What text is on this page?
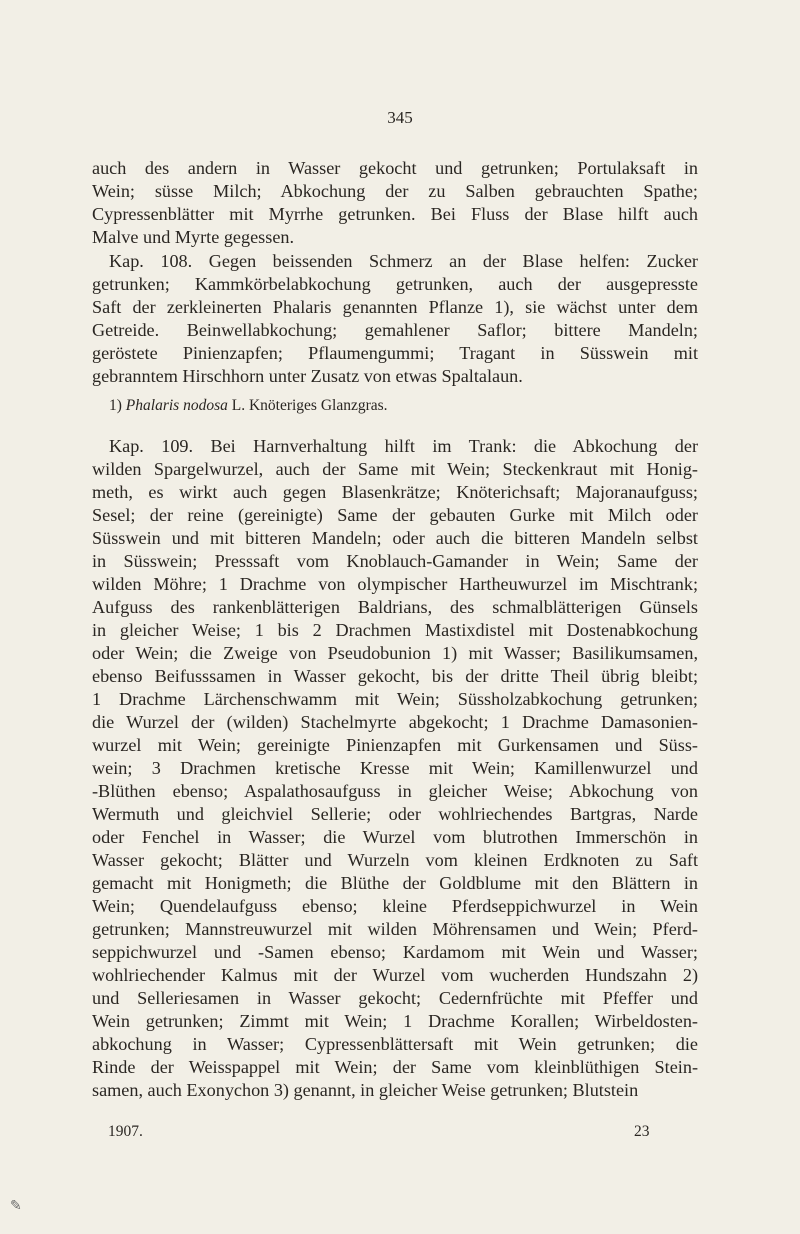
345
auch des andern in Wasser gekocht und getrunken; Portulaksaft in
Wein; süsse Milch; Abkochung der zu Salben gebrauchten Spathe;
Cypressenblätter mit Myrrhe getrunken. Bei Fluss der Blase hilft auch
Malve und Myrte gegessen.
Kap. 108. Gegen beissenden Schmerz an der Blase helfen: Zucker
getrunken; Kammkörbelabkochung getrunken, auch der ausgepresste
Saft der zerkleinerten Phalaris genannten Pflanze 1), sie wächst unter dem
Getreide. Beinwellabkochung; gemahlener Saflor; bittere Mandeln;
geröstete Pinienzapfen; Pflaumengummi; Tragant in Süsswein mit
gebranntem Hirschhorn unter Zusatz von etwas Spaltalaun.
1) Phalaris nodosa L. Knöteriges Glanzgras.
Kap. 109. Bei Harnverhaltung hilft im Trank: die Abkochung der
wilden Spargelwurzel, auch der Same mit Wein; Steckenkraut mit Honig-
meth, es wirkt auch gegen Blasenkrätze; Knöterichsaft; Majoranaufguss;
Sesel; der reine (gereinigte) Same der gebauten Gurke mit Milch oder
Süsswein und mit bitteren Mandeln; oder auch die bitteren Mandeln selbst
in Süsswein; Presssaft vom Knoblauch-Gamander in Wein; Same der
wilden Möhre; 1 Drachme von olympischer Hartheuwurzel im Mischtrank;
Aufguss des rankenblätterigen Baldrians, des schmalblätterigen Günsels
in gleicher Weise; 1 bis 2 Drachmen Mastixdistel mit Dostenabkochung
oder Wein; die Zweige von Pseudobunion 1) mit Wasser; Basilikumsamen,
ebenso Beifusssamen in Wasser gekocht, bis der dritte Theil übrig bleibt;
1 Drachme Lärchenschwamm mit Wein; Süssholzabkochung getrunken;
die Wurzel der (wilden) Stachelmyrte abgekocht; 1 Drachme Damasonien-
wurzel mit Wein; gereinigte Pinienzapfen mit Gurkensamen und Süss-
wein; 3 Drachmen kretische Kresse mit Wein; Kamillenwurzel und
-Blüthen ebenso; Aspalathosaufguss in gleicher Weise; Abkochung von
Wermuth und gleichviel Sellerie; oder wohlriechendes Bartgras, Narde
oder Fenchel in Wasser; die Wurzel vom blutrothen Immerschön in
Wasser gekocht; Blätter und Wurzeln vom kleinen Erdknoten zu Saft
gemacht mit Honigmeth; die Blüthe der Goldblume mit den Blättern in
Wein; Quendelaufguss ebenso; kleine Pferdseppichwurzel in Wein
getrunken; Mannstreuwurzel mit wilden Möhrensamen und Wein; Pferd-
seppichwurzel und -Samen ebenso; Kardamom mit Wein und Wasser;
wohlriechender Kalmus mit der Wurzel vom wucherden Hundszahn 2)
und Selleriesamen in Wasser gekocht; Cedernfrüchte mit Pfeffer und
Wein getrunken; Zimmt mit Wein; 1 Drachme Korallen; Wirbeldosten-
abkochung in Wasser; Cypressenblättersaft mit Wein getrunken; die
Rinde der Weisspappel mit Wein; der Same vom kleinblüthigen Stein-
samen, auch Exonychon 3) genannt, in gleicher Weise getrunken; Blutstein
1907.	23
✎
